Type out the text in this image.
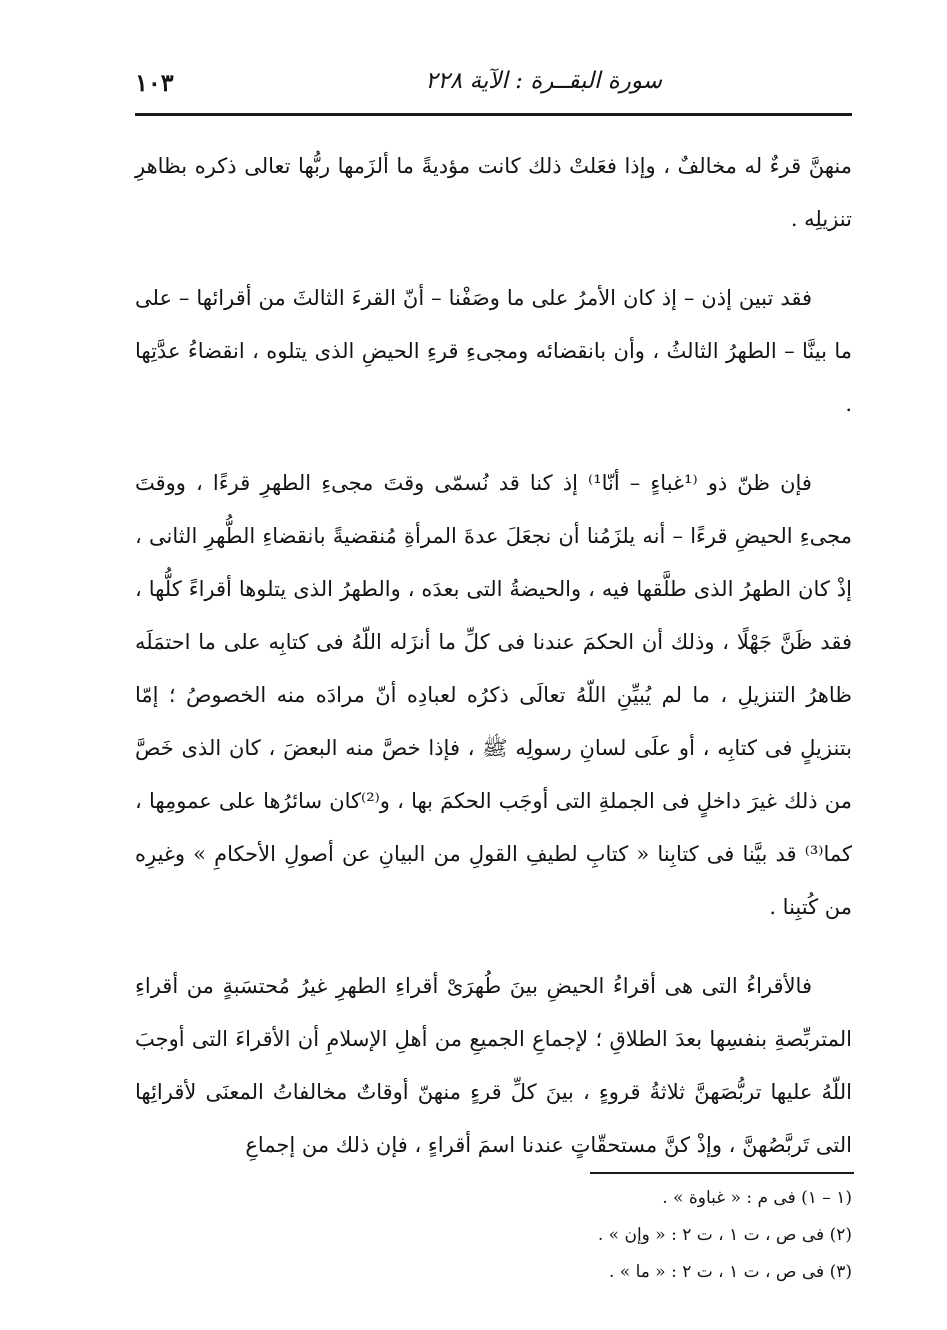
سورة البقــرة : الآية ٢٢٨
١٠٣

منهنَّ قرءٌ له مخالفٌ ، وإذا فعَلتْ ذلك كانت مؤديةً ما ألزَمها ربُّها تعالى ذكره بظاهرِ تنزيلِه .

فقد تبين إذن – إذ كان الأمرُ على ما وصَفْنا – أنّ القرءَ الثالثَ من أقرائها – على ما بينَّا – الطهرُ الثالثُ ، وأن بانقضائه ومجىءِ قرءِ الحيضِ الذى يتلوه ، انقضاءُ عدَّتِها .

فإن ظنّ ذو ⁽¹غباءٍ – أنّا¹⁾ إذ كنا قد نُسمّى وقتَ مجىءِ الطهرِ قرءًا ، ووقتَ مجىءِ الحيضِ قرءًا – أنه يلزَمُنا أن نجعَلَ عدةَ المرأةِ مُنقضيةً بانقضاءِ الطُّهرِ الثانى ، إذْ كان الطهرُ الذى طلَّقها فيه ، والحيضةُ التى بعدَه ، والطهرُ الذى يتلوها أقراءً كلُّها ، فقد ظَنَّ جَهْلًا ، وذلك أن الحكمَ عندنا فى كلِّ ما أنزَله اللّهُ فى كتابِه على ما احتمَلَه ظاهرُ التنزيلِ ، ما لم يُبيِّنِ اللّهُ تعالَى ذكرُه لعبادِه أنّ مرادَه منه الخصوصُ ؛ إمّا بتنزيلٍ فى كتابِه ، أو علَى لسانِ رسولِه ﷺ ، فإذا خصَّ منه البعضَ ، كان الذى خَصَّ من ذلك غيرَ داخلٍ فى الجملةِ التى أوجَب الحكمَ بها ، و⁽²⁾كان سائرُها على عمومِها ، كما⁽³⁾ قد بيَّنا فى كتابِنا « كتابِ لطيفِ القولِ من البيانِ عن أصولِ الأحكامِ » وغيرِه من كُتبِنا .

فالأقراءُ التى هى أقراءُ الحيضِ بينَ طُهرَىْ أقراءِ الطهرِ غيرُ مُحتسَبةٍ من أقراءِ المتربِّصةِ بنفسِها بعدَ الطلاقِ ؛ لإجماعِ الجميعِ من أهلِ الإسلامِ أن الأقراءَ التى أوجبَ اللّهُ عليها تربُّصَهنَّ ثلاثةُ قروءٍ ، بينَ كلِّ قرءٍ منهنّ أوقاتٌ مخالفاتُ المعنَى لأقرائِها التى تَربَّصُهنَّ ، وإذْ كنَّ مستحقّاتٍ عندنا اسمَ أقراءٍ ، فإن ذلك من إجماعِ

(١ – ١) فى م : « غباوة » .

(٢) فى ص ، ت ١ ، ت ٢ : « وإن » .

(٣) فى ص ، ت ١ ، ت ٢ : « ما » .
